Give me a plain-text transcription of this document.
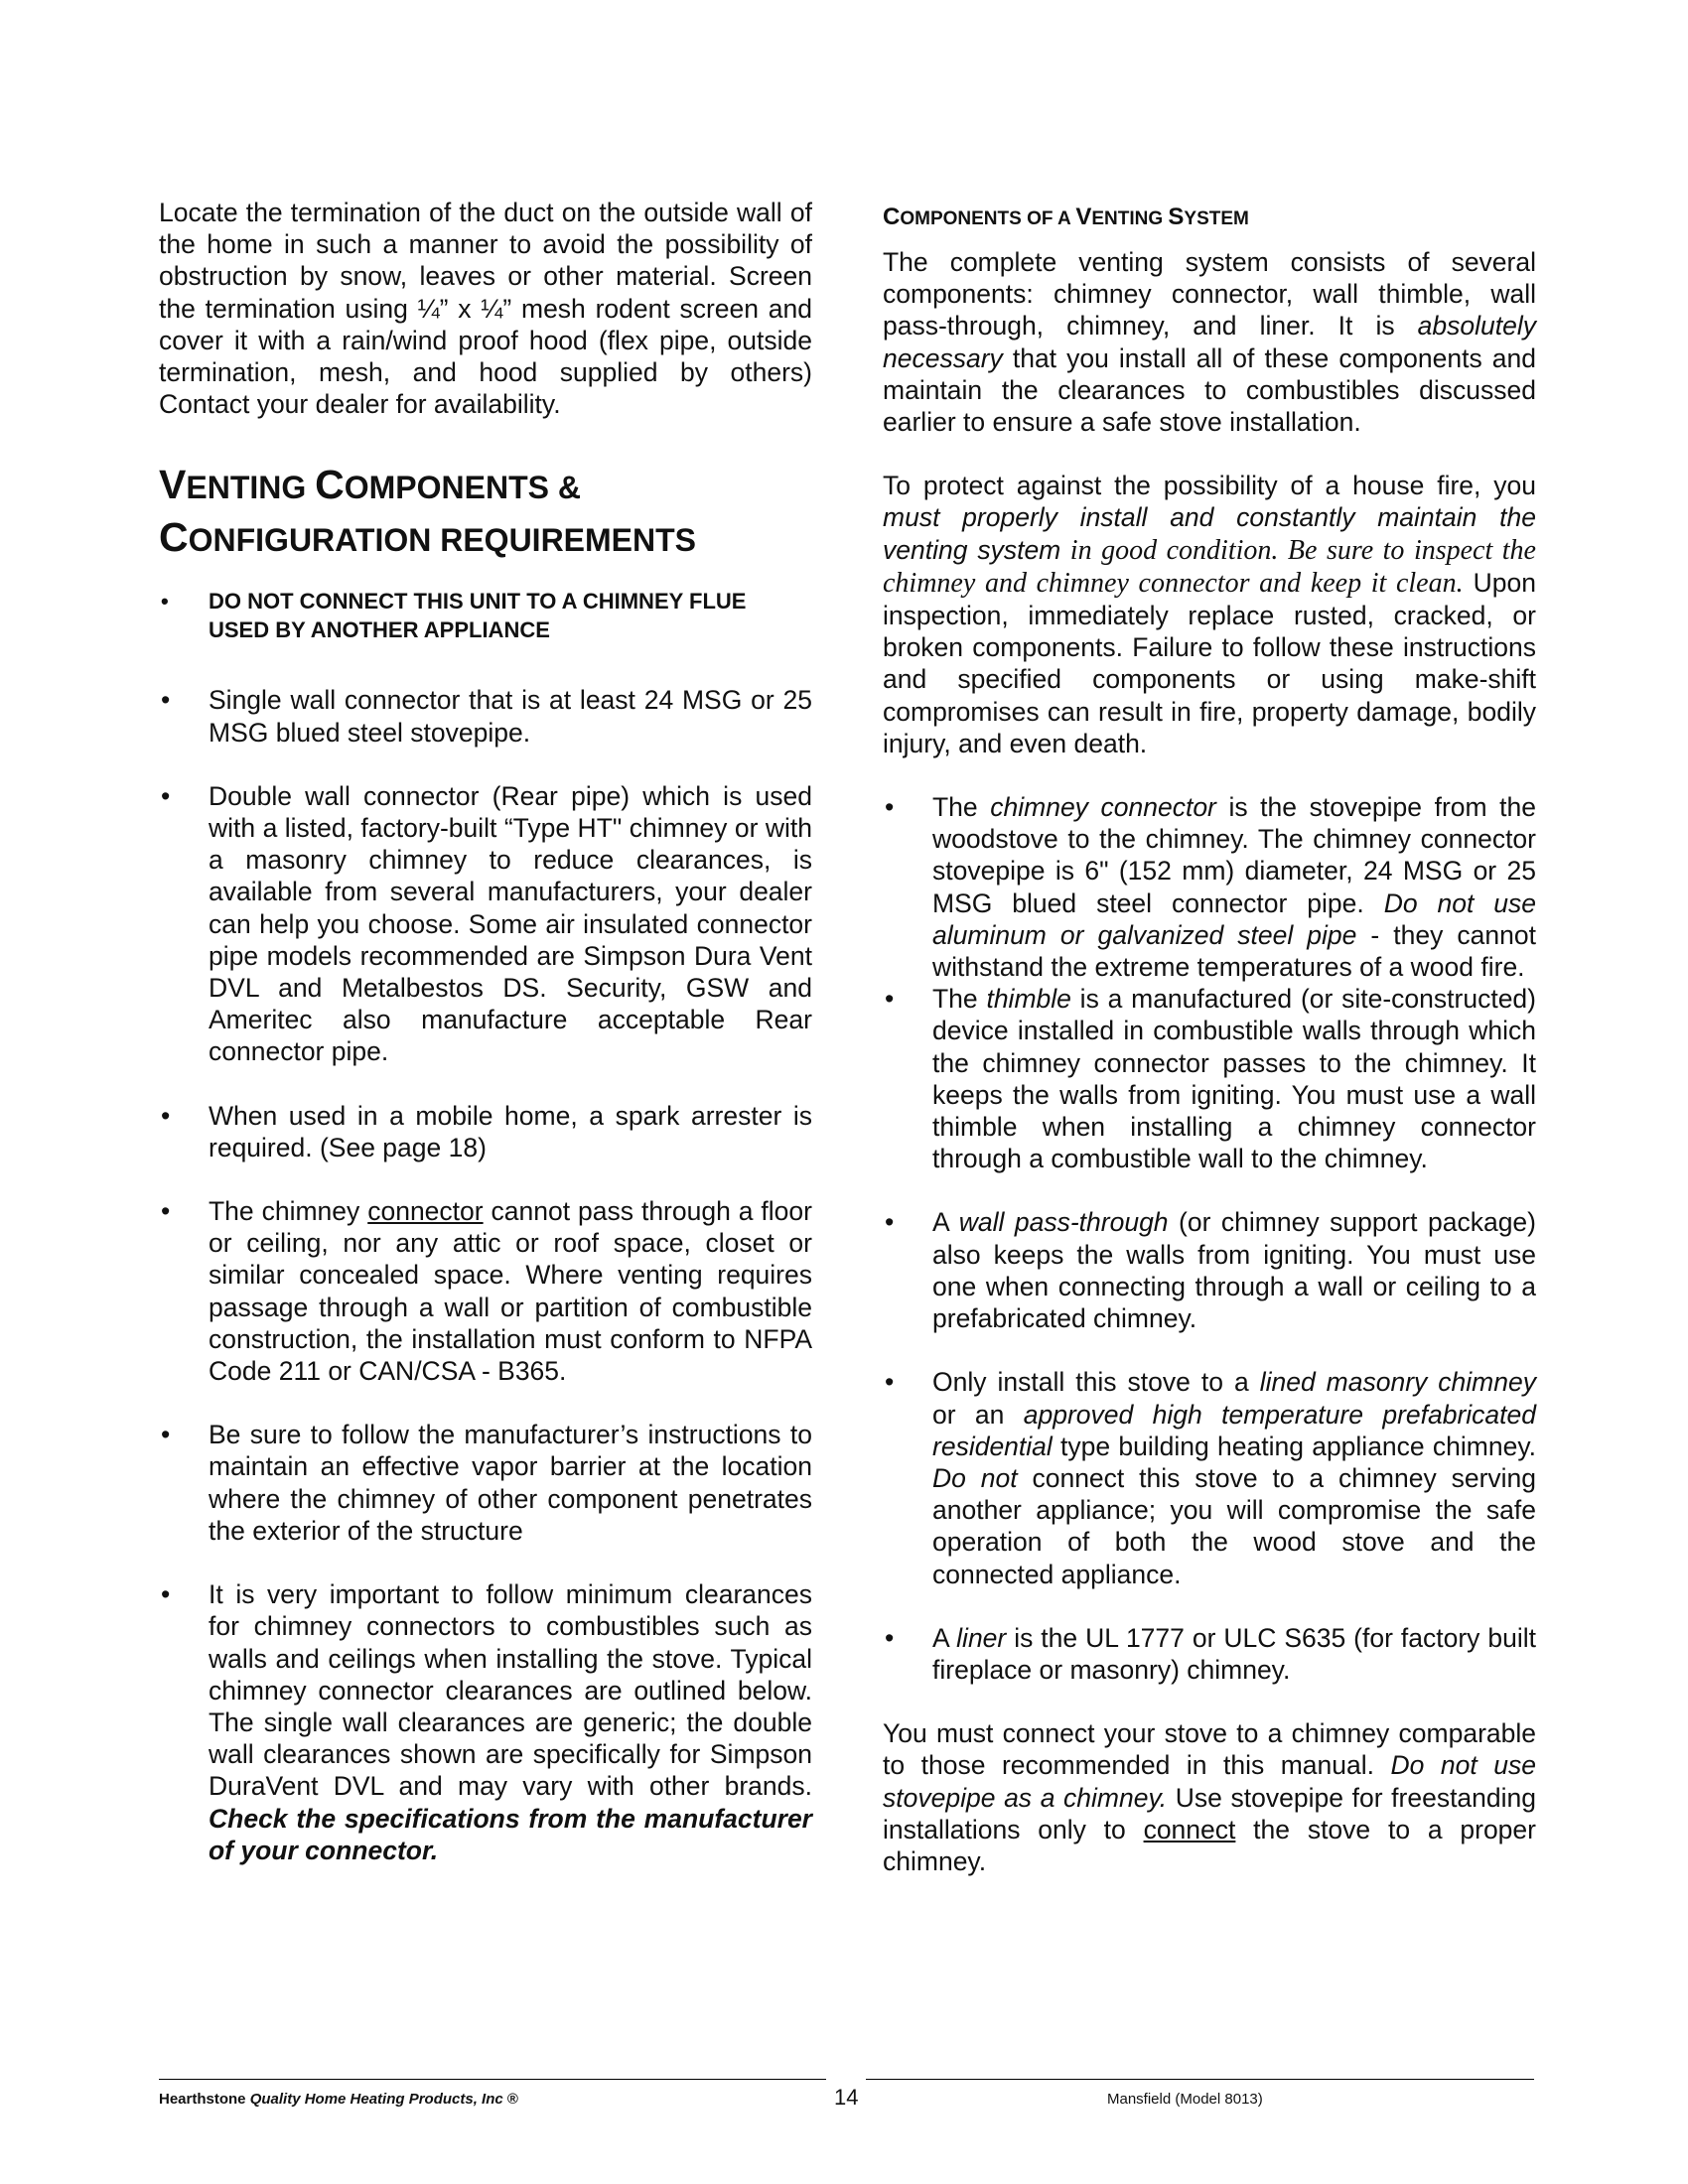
Locate the termination of the duct on the outside wall of the home in such a manner to avoid the possibility of obstruction by snow, leaves or other material. Screen the termination using ¼” x ¼” mesh rodent screen and cover it with a rain/wind proof hood (flex pipe, outside termination, mesh, and hood supplied by others) Contact your dealer for availability.

VENTING COMPONENTS &
CONFIGURATION REQUIREMENTS
• DO NOT CONNECT THIS UNIT TO A CHIMNEY FLUE USED BY ANOTHER APPLIANCE
• Single wall connector that is at least 24 MSG or 25 MSG blued steel stovepipe.
• Double wall connector (Rear pipe) which is used with a listed, factory-built “Type HT" chimney or with a masonry chimney to reduce clearances, is available from several manufacturers, your dealer can help you choose. Some air insulated connector pipe models recommended are Simpson Dura Vent DVL and Metalbestos DS. Security, GSW and Ameritec also manufacture acceptable Rear connector pipe.
• When used in a mobile home, a spark arrester is required. (See page 18)
• The chimney connector cannot pass through a floor or ceiling, nor any attic or roof space, closet or similar concealed space. Where venting requires passage through a wall or partition of combustible construction, the installation must conform to NFPA Code 211 or CAN/CSA - B365.
• Be sure to follow the manufacturer’s instructions to maintain an effective vapor barrier at the location where the chimney of other component penetrates the exterior of the structure
• It is very important to follow minimum clearances for chimney connectors to combustibles such as walls and ceilings when installing the stove. Typical chimney connector clearances are outlined below. The single wall clearances are generic; the double wall clearances shown are specifically for Simpson DuraVent DVL and may vary with other brands. Check the specifications from the manufacturer of your connector.
COMPONENTS OF A VENTING SYSTEM

The complete venting system consists of several components: chimney connector, wall thimble, wall pass-through, chimney, and liner. It is absolutely necessary that you install all of these components and maintain the clearances to combustibles discussed earlier to ensure a safe stove installation.

To protect against the possibility of a house fire, you must properly install and constantly maintain the venting system in good condition. Be sure to inspect the chimney and chimney connector and keep it clean. Upon inspection, immediately replace rusted, cracked, or broken components. Failure to follow these instructions and specified components or using make-shift compromises can result in fire, property damage, bodily injury, and even death.

• The chimney connector is the stovepipe from the woodstove to the chimney. The chimney connector stovepipe is 6" (152 mm) diameter, 24 MSG or 25 MSG blued steel connector pipe. Do not use aluminum or galvanized steel pipe - they cannot withstand the extreme temperatures of a wood fire.
• The thimble is a manufactured (or site-constructed) device installed in combustible walls through which the chimney connector passes to the chimney. It keeps the walls from igniting. You must use a wall thimble when installing a chimney connector through a combustible wall to the chimney.
• A wall pass-through (or chimney support package) also keeps the walls from igniting. You must use one when connecting through a wall or ceiling to a prefabricated chimney.
• Only install this stove to a lined masonry chimney or an approved high temperature prefabricated residential type building heating appliance chimney. Do not connect this stove to a chimney serving another appliance; you will compromise the safe operation of both the wood stove and the connected appliance.
• A liner is the UL 1777 or ULC S635 (for factory built fireplace or masonry) chimney.

You must connect your stove to a chimney comparable to those recommended in this manual. Do not use stovepipe as a chimney. Use stovepipe for freestanding installations only to connect the stove to a proper chimney.

Hearthstone Quality Home Heating Products, Inc ®	14	Mansfield (Model 8013)
